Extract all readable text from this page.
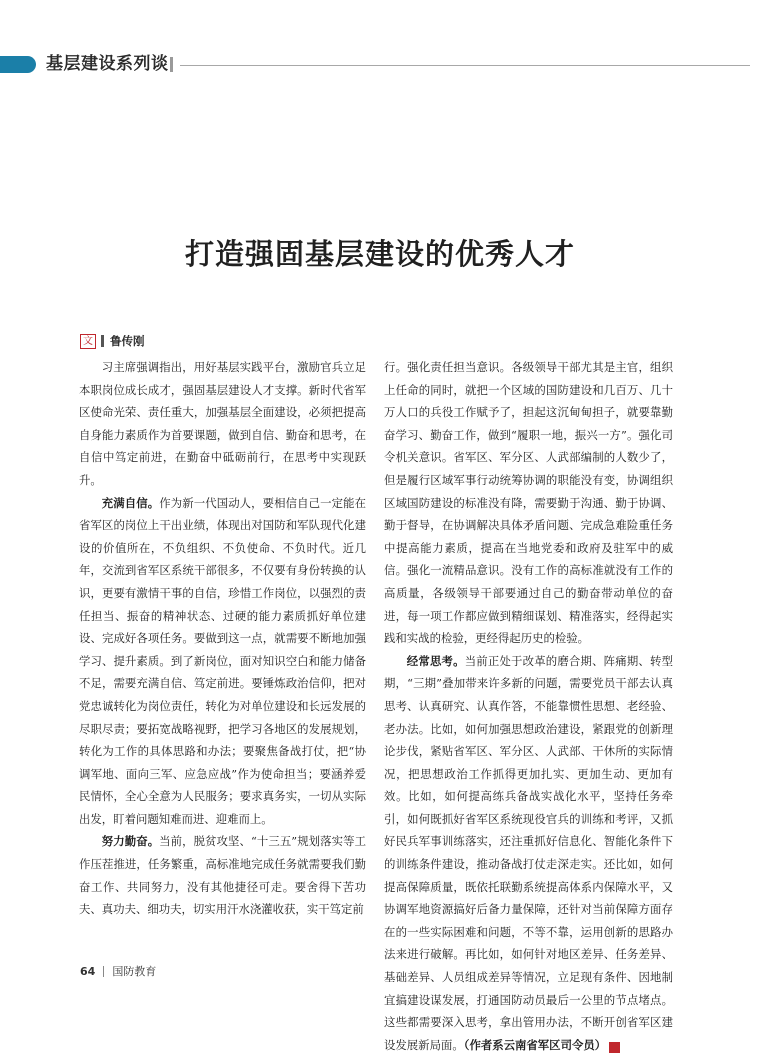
基层建设系列谈
打造强固基层建设的优秀人才
文 鲁传刚

习主席强调指出，用好基层实践平台，激励官兵立足本职岗位成长成才，强固基层建设人才支撑。新时代省军区使命光荣、责任重大，加强基层全面建设，必须把提高自身能力素质作为首要课题，做到自信、勤奋和思考，在自信中笃定前进，在勤奋中砥砺前行，在思考中实现跃升。

充满自信。作为新一代国动人，要相信自己一定能在省军区的岗位上干出业绩，体现出对国防和军队现代化建设的价值所在，不负组织、不负使命、不负时代。近几年，交流到省军区系统干部很多，不仅要有身份转换的认识，更要有激情干事的自信，珍惜工作岗位，以强烈的责任担当、振奋的精神状态、过硬的能力素质抓好单位建设、完成好各项任务。要做到这一点，就需要不断地加强学习、提升素质。到了新岗位，面对知识空白和能力储备不足，需要充满自信、笃定前进。要锤炼政治信仰，把对党忠诚转化为岗位责任，转化为对单位建设和长远发展的尽职尽责；要拓宽战略视野，把学习各地区的发展规划，转化为工作的具体思路和办法；要聚焦备战打仗，把“协调军地、面向三军、应急应战”作为使命担当；要涵养爱民情怀，全心全意为人民服务；要求真务实，一切从实际出发，盯着问题知难而进、迎难而上。

努力勤奋。当前，脱贫攻坚、“十三五”规划落实等工作压茬推进，任务繁重，高标准地完成任务就需要我们勤奋工作、共同努力，没有其他捷径可走。要舍得下苦功夫、真功夫、细功夫，切实用汗水浇灌收获，实干笃定前

行。强化责任担当意识。各级领导干部尤其是主官，组织上任命的同时，就把一个区域的国防建设和几百万、几十万人口的兵役工作赋予了，担起这沉甸甸担子，就要靠勤奋学习、勤奋工作，做到“履职一地，振兴一方”。强化司令机关意识。省军区、军分区、人武部编制的人数少了，但是履行区域军事行动统筹协调的职能没有变，协调组织区域国防建设的标准没有降，需要勤于沟通、勤于协调、勤于督导，在协调解决具体矛盾问题、完成急难险重任务中提高能力素质，提高在当地党委和政府及驻军中的威信。强化一流精品意识。没有工作的高标准就没有工作的高质量，各级领导干部要通过自己的勤奋带动单位的奋进，每一项工作都应做到精细谋划、精准落实，经得起实践和实战的检验，更经得起历史的检验。

经常思考。当前正处于改革的磨合期、阵痛期、转型期，“三期”叠加带来许多新的问题，需要党员干部去认真思考、认真研究、认真作答，不能靠惯性思想、老经验、老办法。比如，如何加强思想政治建设，紧跟党的创新理论步伐，紧贴省军区、军分区、人武部、干休所的实际情况，把思想政治工作抓得更加扎实、更加生动、更加有效。比如，如何提高练兵备战实战化水平，坚持任务牵引，如何既抓好省军区系统现役官兵的训练和考评，又抓好民兵军事训练落实，还注重抓好信息化、智能化条件下的训练条件建设，推动备战打仗走深走实。还比如，如何提高保障质量，既依托联勤系统提高体系内保障水平，又协调军地资源搞好后备力量保障，还针对当前保障方面存在的一些实际困难和问题，不等不靠，运用创新的思路办法来进行破解。再比如，如何针对地区差异、任务差异、基础差异、人员组成差异等情况，立足现有条件、因地制宜搞建设谋发展，打通国防动员最后一公里的节点堵点。这些都需要深入思考，拿出管用办法，不断开创省军区建设发展新局面。（作者系云南省军区司令员）	G

64 国防教育
